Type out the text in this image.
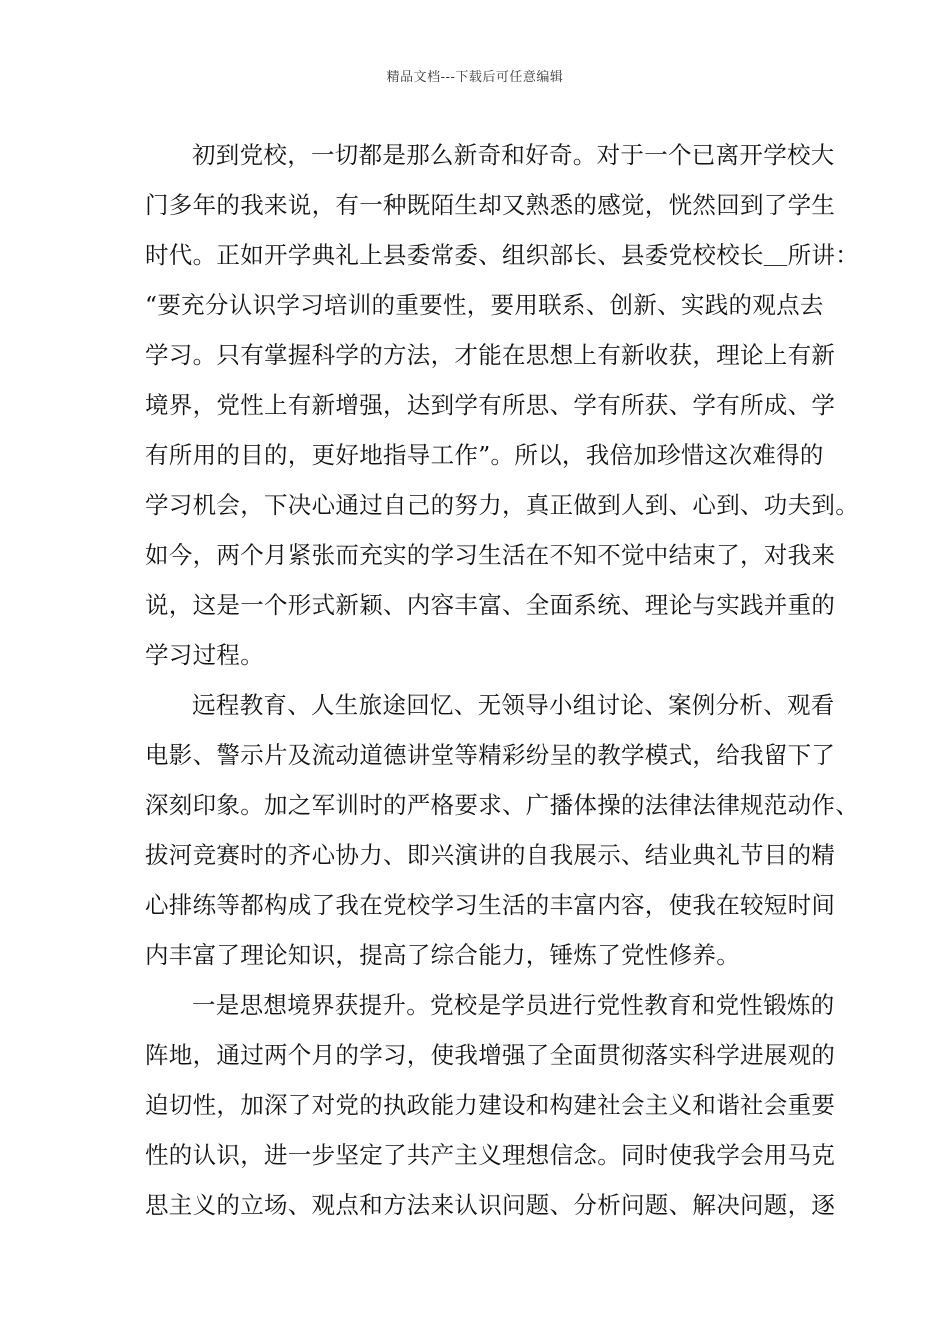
精品文档---下载后可任意编辑
初到党校，一切都是那么新奇和好奇。对于一个已离开学校大
门多年的我来说，有一种既陌生却又熟悉的感觉，恍然回到了学生
时代。正如开学典礼上县委常委、组织部长、县委党校校长＿所讲：
“要充分认识学习培训的重要性，要用联系、创新、实践的观点去
学习。只有掌握科学的方法，才能在思想上有新收获，理论上有新
境界，党性上有新增强，达到学有所思、学有所获、学有所成、学
有所用的目的，更好地指导工作”。所以，我倍加珍惜这次难得的
学习机会，下决心通过自己的努力，真正做到人到、心到、功夫到。
如今，两个月紧张而充实的学习生活在不知不觉中结束了，对我来
说，这是一个形式新颖、内容丰富、全面系统、理论与实践并重的
学习过程。
远程教育、人生旅途回忆、无领导小组讨论、案例分析、观看
电影、警示片及流动道德讲堂等精彩纷呈的教学模式，给我留下了
深刻印象。加之军训时的严格要求、广播体操的法律法律规范动作、
拔河竞赛时的齐心协力、即兴演讲的自我展示、结业典礼节目的精
心排练等都构成了我在党校学习生活的丰富内容，使我在较短时间
内丰富了理论知识，提高了综合能力，锤炼了党性修养。
一是思想境界获提升。党校是学员进行党性教育和党性锻炼的
阵地，通过两个月的学习，使我增强了全面贯彻落实科学进展观的
迫切性，加深了对党的执政能力建设和构建社会主义和谐社会重要
性的认识，进一步坚定了共产主义理想信念。同时使我学会用马克
思主义的立场、观点和方法来认识问题、分析问题、解决问题，逐
